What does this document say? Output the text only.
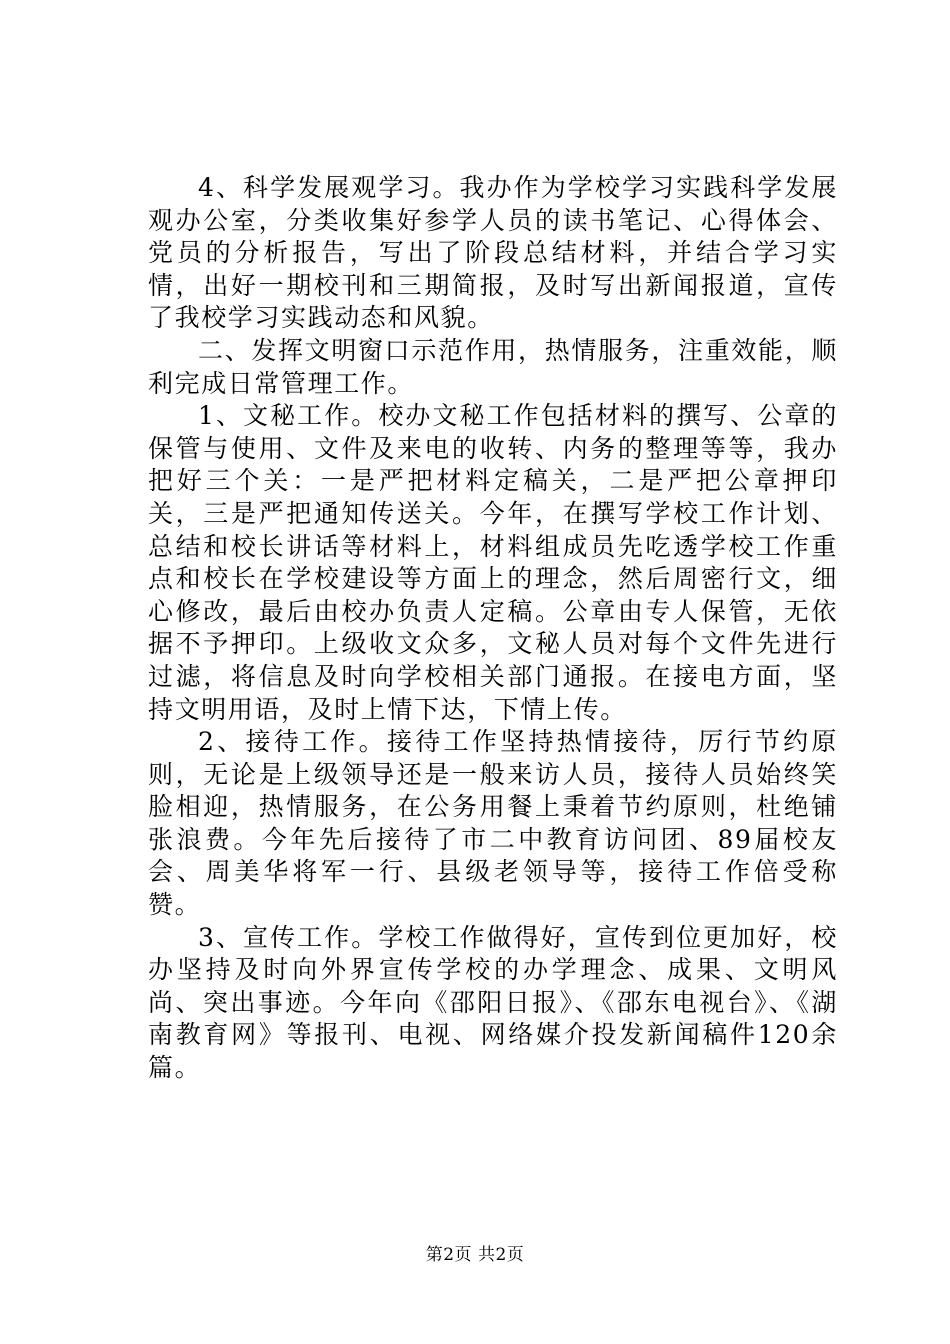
4、科学发展观学习。我办作为学校学习实践科学发展观办公室，分类收集好参学人员的读书笔记、心得体会、党员的分析报告，写出了阶段总结材料，并结合学习实情，出好一期校刊和三期简报，及时写出新闻报道，宣传了我校学习实践动态和风貌。

二、发挥文明窗口示范作用，热情服务，注重效能，顺利完成日常管理工作。

1、文秘工作。校办文秘工作包括材料的撰写、公章的保管与使用、文件及来电的收转、内务的整理等等，我办把好三个关：一是严把材料定稿关，二是严把公章押印关，三是严把通知传送关。今年，在撰写学校工作计划、总结和校长讲话等材料上，材料组成员先吃透学校工作重点和校长在学校建设等方面上的理念，然后周密行文，细心修改，最后由校办负责人定稿。公章由专人保管，无依据不予押印。上级收文众多，文秘人员对每个文件先进行过滤，将信息及时向学校相关部门通报。在接电方面，坚持文明用语，及时上情下达，下情上传。

2、接待工作。接待工作坚持热情接待，厉行节约原则，无论是上级领导还是一般来访人员，接待人员始终笑脸相迎，热情服务，在公务用餐上秉着节约原则，杜绝铺张浪费。今年先后接待了市二中教育访问团、89届校友会、周美华将军一行、县级老领导等，接待工作倍受称赞。

3、宣传工作。学校工作做得好，宣传到位更加好，校办坚持及时向外界宣传学校的办学理念、成果、文明风尚、突出事迹。今年向《邵阳日报》、《邵东电视台》、《湖南教育网》等报刊、电视、网络媒介投发新闻稿件120余篇。

第2页 共2页
